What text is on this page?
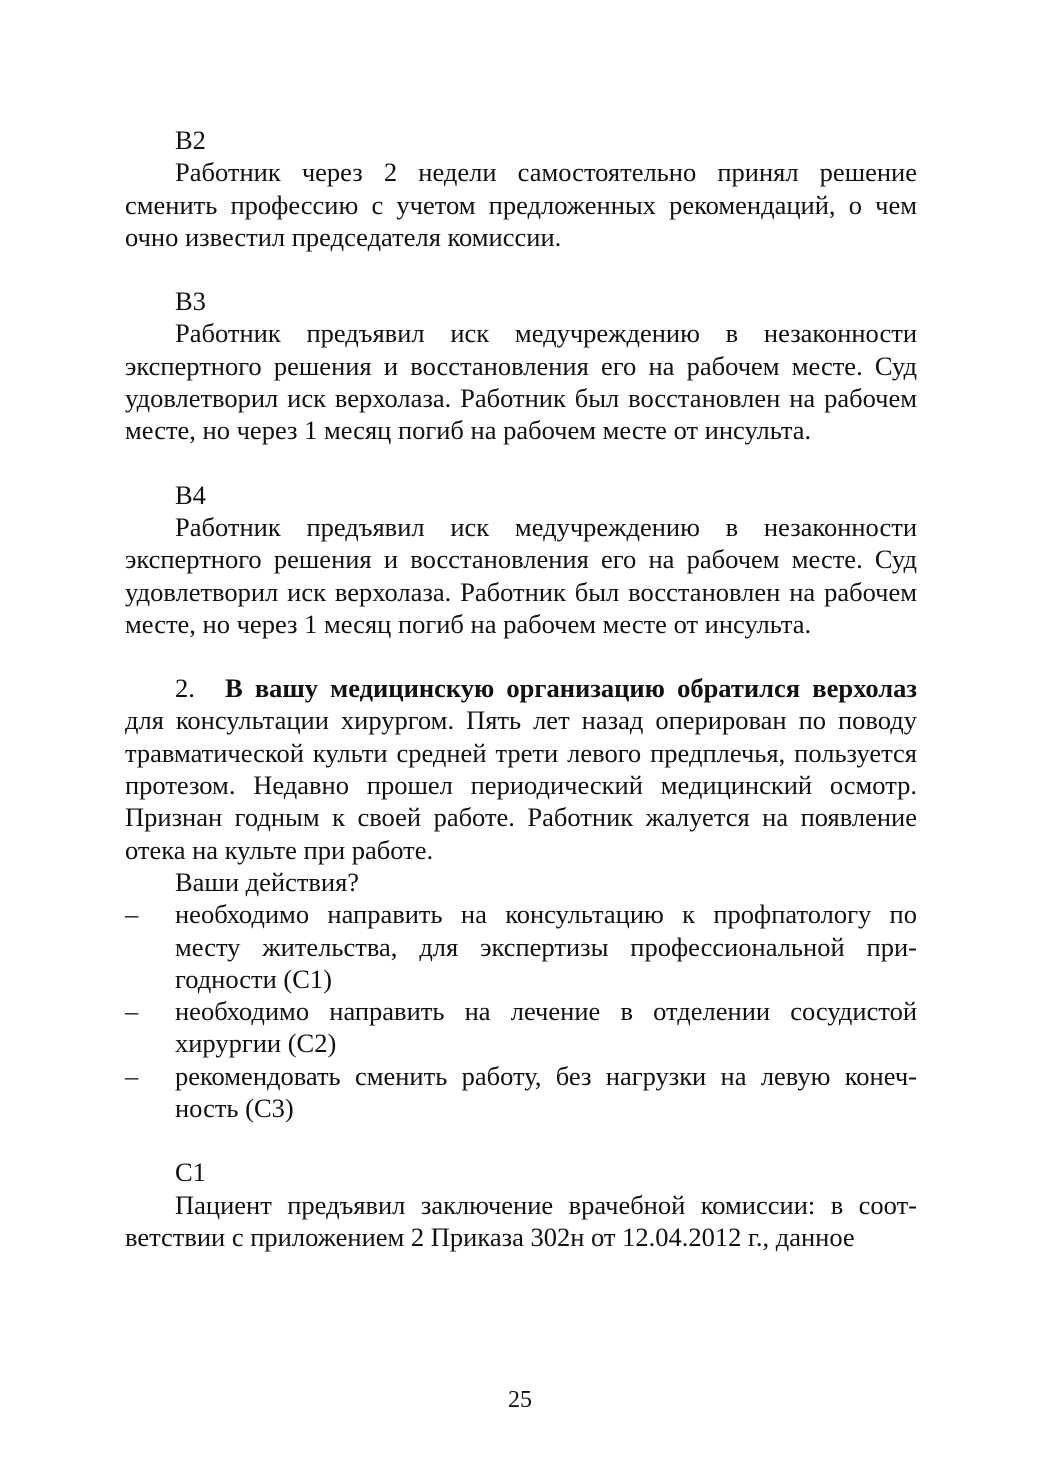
B2

Работник через 2 недели самостоятельно принял решение сменить профессию с учетом предложенных рекомендаций, о чем очно известил председателя комиссии.

B3

Работник предъявил иск медучреждению в незаконности экспертного решения и восстановления его на рабочем месте. Суд удовлетворил иск верхолаза. Работник был восстановлен на рабочем месте, но через 1 месяц погиб на рабочем месте от инсульта.

B4

Работник предъявил иск медучреждению в незаконности экспертного решения и восстановления его на рабочем месте. Суд удовлетворил иск верхолаза. Работник был восстановлен на рабочем месте, но через 1 месяц погиб на рабочем месте от инсульта.

2. В вашу медицинскую организацию обратился верхолаз для консультации хирургом. Пять лет назад оперирован по поводу травматической культи средней трети левого предплечья, пользуется протезом. Недавно прошел периодический медицинский осмотр. Признан годным к своей работе. Работник жалуется на появление отека на культе при работе.

Ваши действия?

– необходимо направить на консультацию к профпатологу по месту жительства, для экспертизы профессиональной пригодности (С1)
– необходимо направить на лечение в отделении сосудистой хирургии (С2)
– рекомендовать сменить работу, без нагрузки на левую конечность (С3)

C1

Пациент предъявил заключение врачебной комиссии: в соответствии с приложением 2 Приказа 302н от 12.04.2012 г., данное

25
